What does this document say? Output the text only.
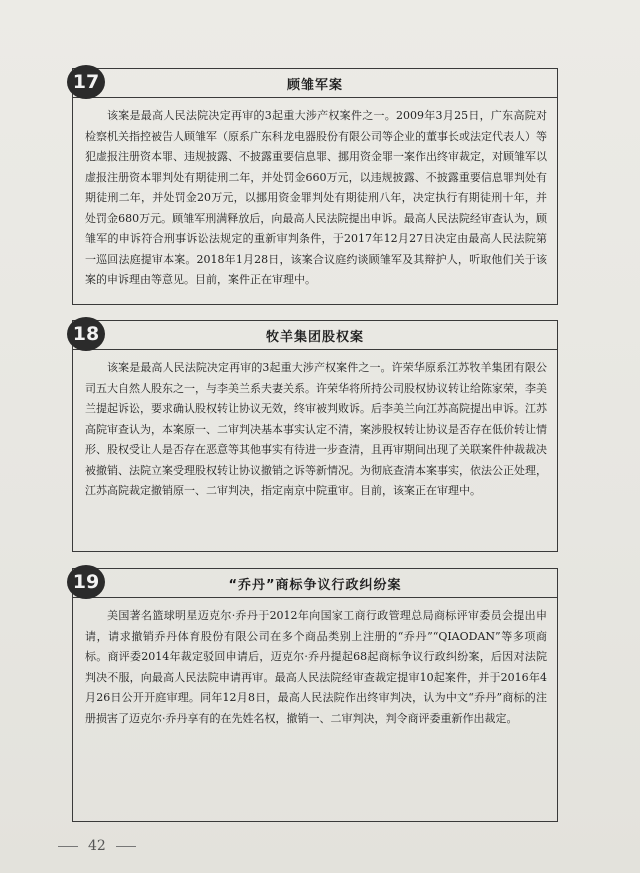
17	顾雏军案
该案是最高人民法院决定再审的3起重大涉产权案件之一。2009年3月25日，广东高院对检察机关指控被告人顾雏军（原系广东科龙电器股份有限公司等企业的董事长或法定代表人）等犯虚报注册资本罪、违规披露、不披露重要信息罪、挪用资金罪一案作出终审裁定，对顾雏军以虚报注册资本罪判处有期徒刑二年，并处罚金660万元，以违规披露、不披露重要信息罪判处有期徒刑二年，并处罚金20万元，以挪用资金罪判处有期徒刑八年，决定执行有期徒刑十年，并处罚金680万元。顾雏军刑满释放后，向最高人民法院提出申诉。最高人民法院经审查认为，顾雏军的申诉符合刑事诉讼法规定的重新审判条件，于2017年12月27日决定由最高人民法院第一巡回法庭提审本案。2018年1月28日，该案合议庭约谈顾雏军及其辩护人，听取他们关于该案的申诉理由等意见。目前，案件正在审理中。
18	牧羊集团股权案
该案是最高人民法院决定再审的3起重大涉产权案件之一。许荣华原系江苏牧羊集团有限公司五大自然人股东之一，与李美兰系夫妻关系。许荣华将所持公司股权协议转让给陈家荣，李美兰提起诉讼，要求确认股权转让协议无效，终审被判败诉。后李美兰向江苏高院提出申诉。江苏高院审查认为，本案原一、二审判决基本事实认定不清，案涉股权转让协议是否存在低价转让情形、股权受让人是否存在恶意等其他事实有待进一步查清，且再审期间出现了关联案件仲裁裁决被撤销、法院立案受理股权转让协议撤销之诉等新情况。为彻底查清本案事实，依法公正处理，江苏高院裁定撤销原一、二审判决，指定南京中院重审。目前，该案正在审理中。
19	“乔丹”商标争议行政纠纷案
美国著名篮球明星迈克尔·乔丹于2012年向国家工商行政管理总局商标评审委员会提出申请，请求撤销乔丹体育股份有限公司在多个商品类别上注册的“乔丹”“QIAODAN”等多项商标。商评委2014年裁定驳回申请后，迈克尔·乔丹提起68起商标争议行政纠纷案，后因对法院判决不服，向最高人民法院申请再审。最高人民法院经审查裁定提审10起案件，并于2016年4月26日公开开庭审理。同年12月8日，最高人民法院作出终审判决，认为中文“乔丹”商标的注册损害了迈克尔·乔丹享有的在先姓名权，撤销一、二审判决，判令商评委重新作出裁定。
42
